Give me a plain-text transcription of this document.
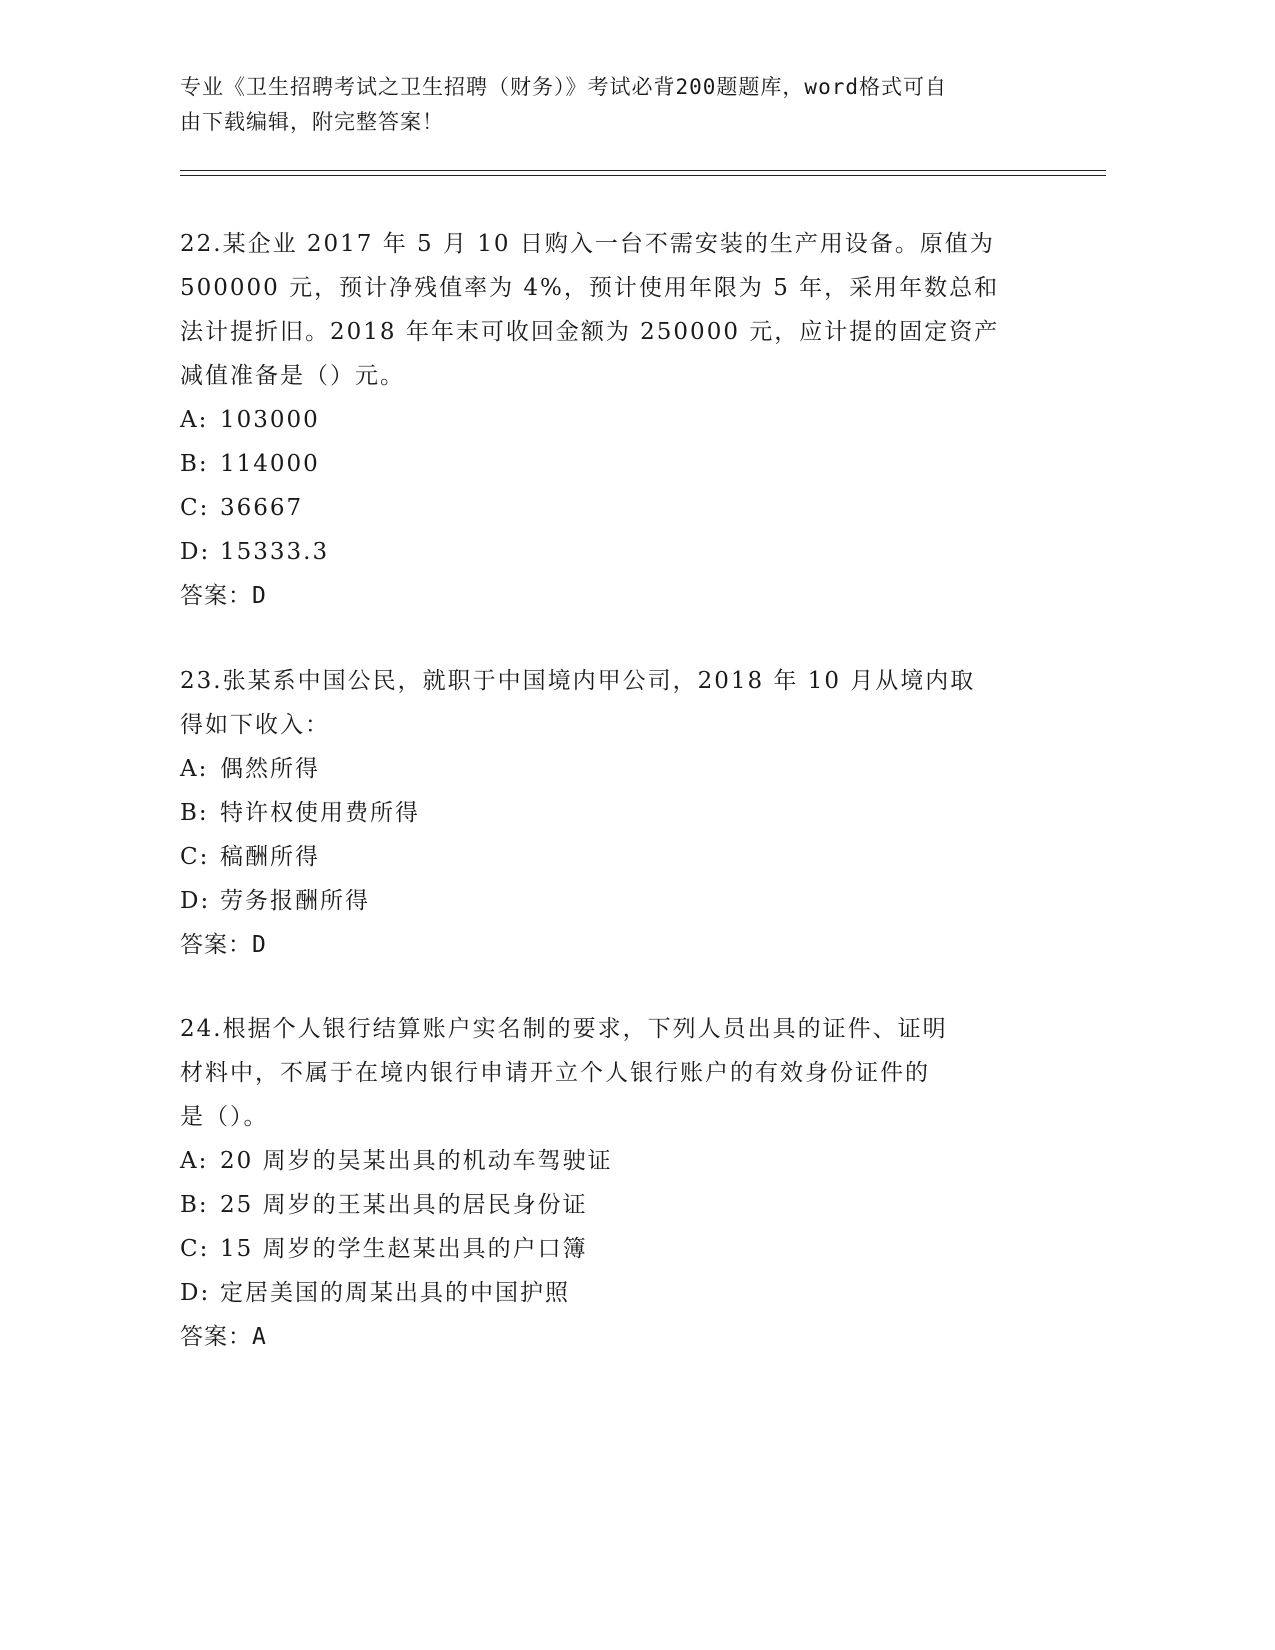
专业《卫生招聘考试之卫生招聘（财务）》考试必背200题题库，word格式可自
由下载编辑，附完整答案！
22.某企业 2017 年 5 月 10 日购入一台不需安装的生产用设备。原值为
500000 元，预计净残值率为 4%，预计使用年限为 5 年，采用年数总和
法计提折旧。2018 年年末可收回金额为 250000 元，应计提的固定资产
减值准备是（）元。
A: 103000
B: 114000
C: 36667
D: 15333.3
答案：D
23.张某系中国公民，就职于中国境内甲公司，2018 年 10 月从境内取
得如下收入：
A: 偶然所得
B: 特许权使用费所得
C: 稿酬所得
D: 劳务报酬所得
答案：D
24.根据个人银行结算账户实名制的要求，下列人员出具的证件、证明
材料中，不属于在境内银行申请开立个人银行账户的有效身份证件的
是（）。
A: 20 周岁的吴某出具的机动车驾驶证
B: 25 周岁的王某出具的居民身份证
C: 15 周岁的学生赵某出具的户口簿
D: 定居美国的周某出具的中国护照
答案：A
